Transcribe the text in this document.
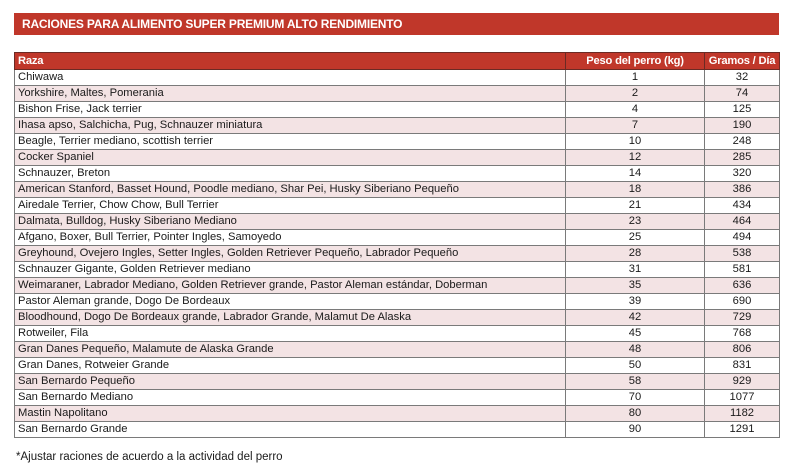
RACIONES PARA ALIMENTO SUPER PREMIUM ALTO RENDIMIENTO
Raza	Peso del perro (kg)	Gramos / Día
Chiwawa	1	32
Yorkshire, Maltes, Pomerania	2	74
Bishon Frise, Jack terrier	4	125
Ihasa apso, Salchicha, Pug, Schnauzer miniatura	7	190
Beagle, Terrier mediano, scottish terrier	10	248
Cocker Spaniel	12	285
Schnauzer, Breton	14	320
American Stanford, Basset Hound, Poodle mediano, Shar Pei, Husky Siberiano Pequeño	18	386
Airedale Terrier, Chow Chow, Bull Terrier	21	434
Dalmata, Bulldog, Husky Siberiano Mediano	23	464
Afgano, Boxer, Bull Terrier, Pointer Ingles, Samoyedo	25	494
Greyhound, Ovejero Ingles, Setter Ingles, Golden Retriever Pequeño, Labrador Pequeño	28	538
Schnauzer Gigante, Golden Retriever mediano	31	581
Weimaraner, Labrador Mediano, Golden Retriever grande, Pastor Aleman estándar, Doberman	35	636
Pastor Aleman grande, Dogo De Bordeaux	39	690
Bloodhound, Dogo De Bordeaux grande, Labrador Grande, Malamut De Alaska	42	729
Rotweiler, Fila	45	768
Gran Danes Pequeño, Malamute de Alaska Grande	48	806
Gran Danes, Rotweier Grande	50	831
San Bernardo Pequeño	58	929
San Bernardo Mediano	70	1077
Mastin Napolitano	80	1182
San Bernardo Grande	90	1291
*Ajustar raciones de acuerdo a la actividad del perro
